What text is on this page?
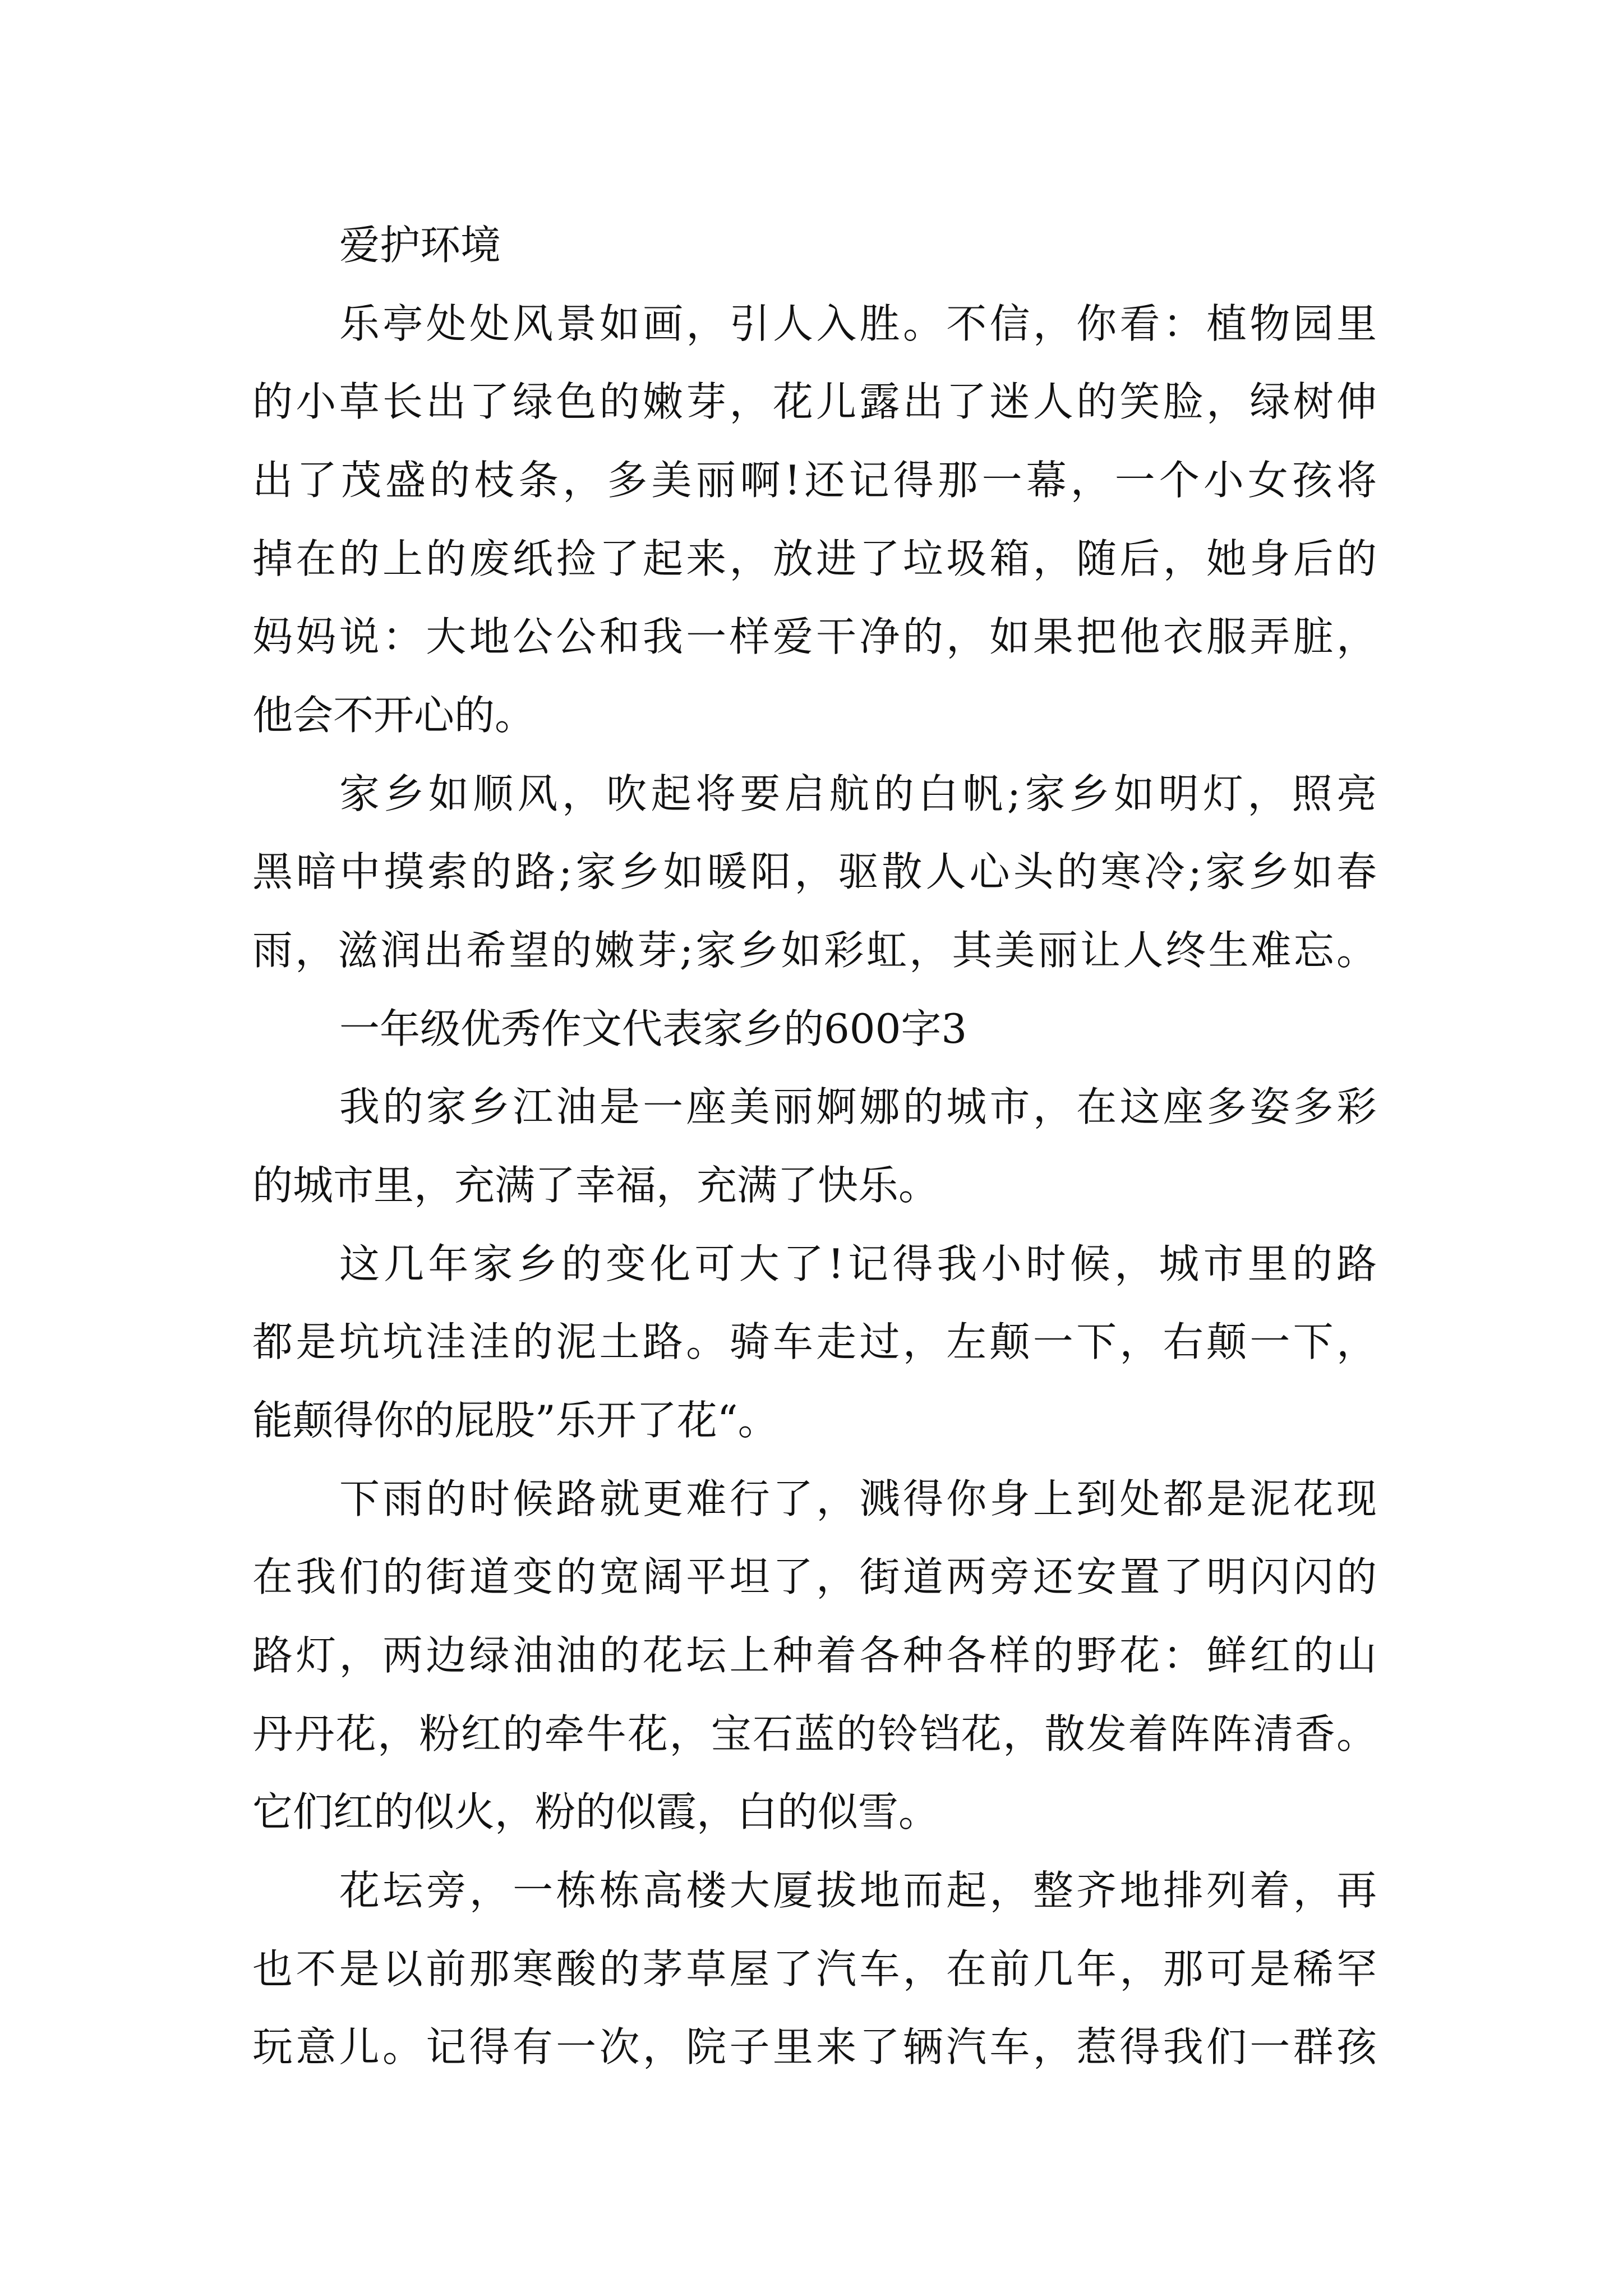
爱护环境
乐亭处处风景如画，引人入胜。不信，你看：植物园里
的小草长出了绿色的嫩芽，花儿露出了迷人的笑脸，绿树伸
出了茂盛的枝条，多美丽啊!还记得那一幕，一个小女孩将
掉在的上的废纸捡了起来，放进了垃圾箱，随后，她身后的
妈妈说：大地公公和我一样爱干净的，如果把他衣服弄脏，
他会不开心的。
家乡如顺风，吹起将要启航的白帆;家乡如明灯，照亮
黑暗中摸索的路;家乡如暖阳，驱散人心头的寒冷;家乡如春
雨，滋润出希望的嫩芽;家乡如彩虹，其美丽让人终生难忘。
一年级优秀作文代表家乡的600字3
我的家乡江油是一座美丽婀娜的城市，在这座多姿多彩
的城市里，充满了幸福，充满了快乐。
这几年家乡的变化可大了!记得我小时候，城市里的路
都是坑坑洼洼的泥土路。骑车走过，左颠一下，右颠一下，
能颠得你的屁股”乐开了花“。
下雨的时候路就更难行了，溅得你身上到处都是泥花现
在我们的街道变的宽阔平坦了，街道两旁还安置了明闪闪的
路灯，两边绿油油的花坛上种着各种各样的野花：鲜红的山
丹丹花，粉红的牵牛花，宝石蓝的铃铛花，散发着阵阵清香。
它们红的似火，粉的似霞，白的似雪。
花坛旁，一栋栋高楼大厦拔地而起，整齐地排列着，再
也不是以前那寒酸的茅草屋了汽车，在前几年，那可是稀罕
玩意儿。记得有一次，院子里来了辆汽车，惹得我们一群孩
